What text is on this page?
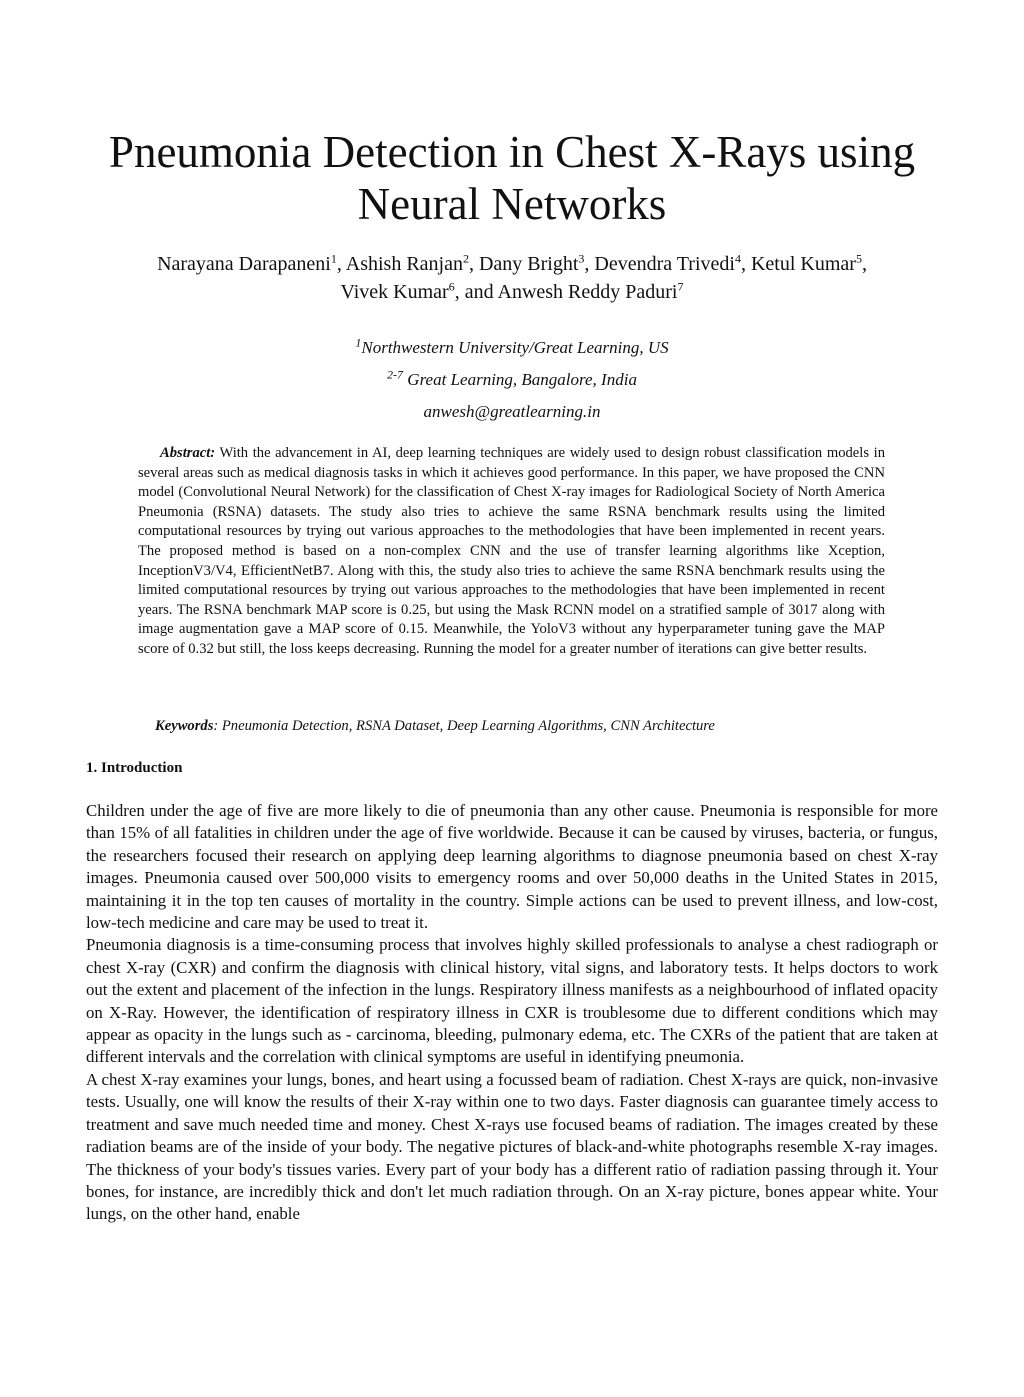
Pneumonia Detection in Chest X-Rays using Neural Networks
Narayana Darapaneni$^1$, Ashish Ranjan$^2$, Dany Bright$^3$, Devendra Trivedi$^4$, Ketul Kumar$^5$,
Vivek Kumar$^6$, and Anwesh Reddy Paduri$^7$
$^1$Northwestern University/Great Learning, US
$^{2-7}$ Great Learning, Bangalore, India
anwesh@greatlearning.in

Abstract: With the advancement in AI, deep learning techniques are widely used to design robust classification models in several areas such as medical diagnosis tasks in which it achieves good performance. In this paper, we have proposed the CNN model (Convolutional Neural Network) for the classification of Chest X-ray images for Radiological Society of North America Pneumonia (RSNA) datasets. The study also tries to achieve the same RSNA benchmark results using the limited computational resources by trying out various approaches to the methodologies that have been implemented in recent years. The proposed method is based on a non-complex CNN and the use of transfer learning algorithms like Xception, InceptionV3/V4, EfficientNetB7. Along with this, the study also tries to achieve the same RSNA benchmark results using the limited computational resources by trying out various approaches to the methodologies that have been implemented in recent years. The RSNA benchmark MAP score is 0.25, but using the Mask RCNN model on a stratified sample of 3017 along with image augmentation gave a MAP score of 0.15. Meanwhile, the YoloV3 without any hyperparameter tuning gave the MAP score of 0.32 but still, the loss keeps decreasing. Running the model for a greater number of iterations can give better results.

Keywords: Pneumonia Detection, RSNA Dataset, Deep Learning Algorithms, CNN Architecture
1. Introduction

Children under the age of five are more likely to die of pneumonia than any other cause. Pneumonia is responsible for more than 15% of all fatalities in children under the age of five worldwide. Because it can be caused by viruses, bacteria, or fungus, the researchers focused their research on applying deep learning algorithms to diagnose pneumonia based on chest X-ray images. Pneumonia caused over 500,000 visits to emergency rooms and over 50,000 deaths in the United States in 2015, maintaining it in the top ten causes of mortality in the country. Simple actions can be used to prevent illness, and low-cost, low-tech medicine and care may be used to treat it.

Pneumonia diagnosis is a time-consuming process that involves highly skilled professionals to analyse a chest radiograph or chest X-ray (CXR) and confirm the diagnosis with clinical history, vital signs, and laboratory tests. It helps doctors to work out the extent and placement of the infection in the lungs. Respiratory illness manifests as a neighbourhood of inflated opacity on X-Ray. However, the identification of respiratory illness in CXR is troublesome due to different conditions which may appear as opacity in the lungs such as - carcinoma, bleeding, pulmonary edema, etc. The CXRs of the patient that are taken at different intervals and the correlation with clinical symptoms are useful in identifying pneumonia.

A chest X-ray examines your lungs, bones, and heart using a focussed beam of radiation. Chest X-rays are quick, non-invasive tests. Usually, one will know the results of their X-ray within one to two days. Faster diagnosis can guarantee timely access to treatment and save much needed time and money. Chest X-rays use focused beams of radiation. The images created by these radiation beams are of the inside of your body. The negative pictures of black-and-white photographs resemble X-ray images. The thickness of your body's tissues varies. Every part of your body has a different ratio of radiation passing through it. Your bones, for instance, are incredibly thick and don't let much radiation through. On an X-ray picture, bones appear white. Your lungs, on the other hand, enable
